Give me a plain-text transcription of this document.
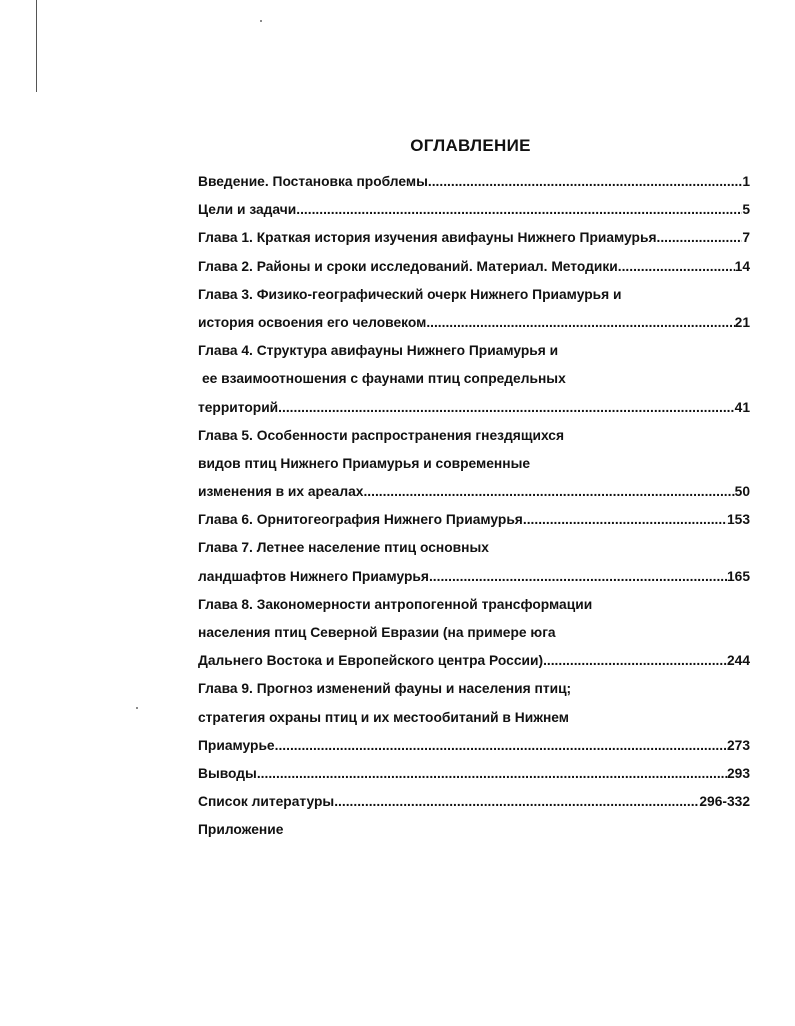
ОГЛАВЛЕНИЕ
Введение. Постановка проблемы .....	1
Цели и задачи .....	5
Глава 1. Краткая история изучения авифауны Нижнего Приамурья .....	7
Глава 2. Районы и сроки исследований. Материал. Методики .....	14
Глава 3. Физико-географический очерк Нижнего Приамурья и
история освоения его человеком .....	21
Глава 4. Структура авифауны Нижнего Приамурья и
ее взаимоотношения с фаунами птиц сопредельных
территорий .....	41
Глава 5. Особенности распространения гнездящихся
видов птиц Нижнего Приамурья и современные
изменения в их ареалах .....	50
Глава 6. Орнитогеография Нижнего Приамурья .....	153
Глава 7. Летнее население птиц основных
ландшафтов Нижнего Приамурья .....	165
Глава 8. Закономерности антропогенной трансформации
населения птиц Северной Евразии (на примере юга
Дальнего Востока и Европейского центра России) .....	244
Глава 9. Прогноз изменений фауны и населения птиц;
стратегия охраны птиц и их местообитаний в Нижнем
Приамурье .....	273
Выводы .....	293
Список литературы .....	296-332
Приложение
